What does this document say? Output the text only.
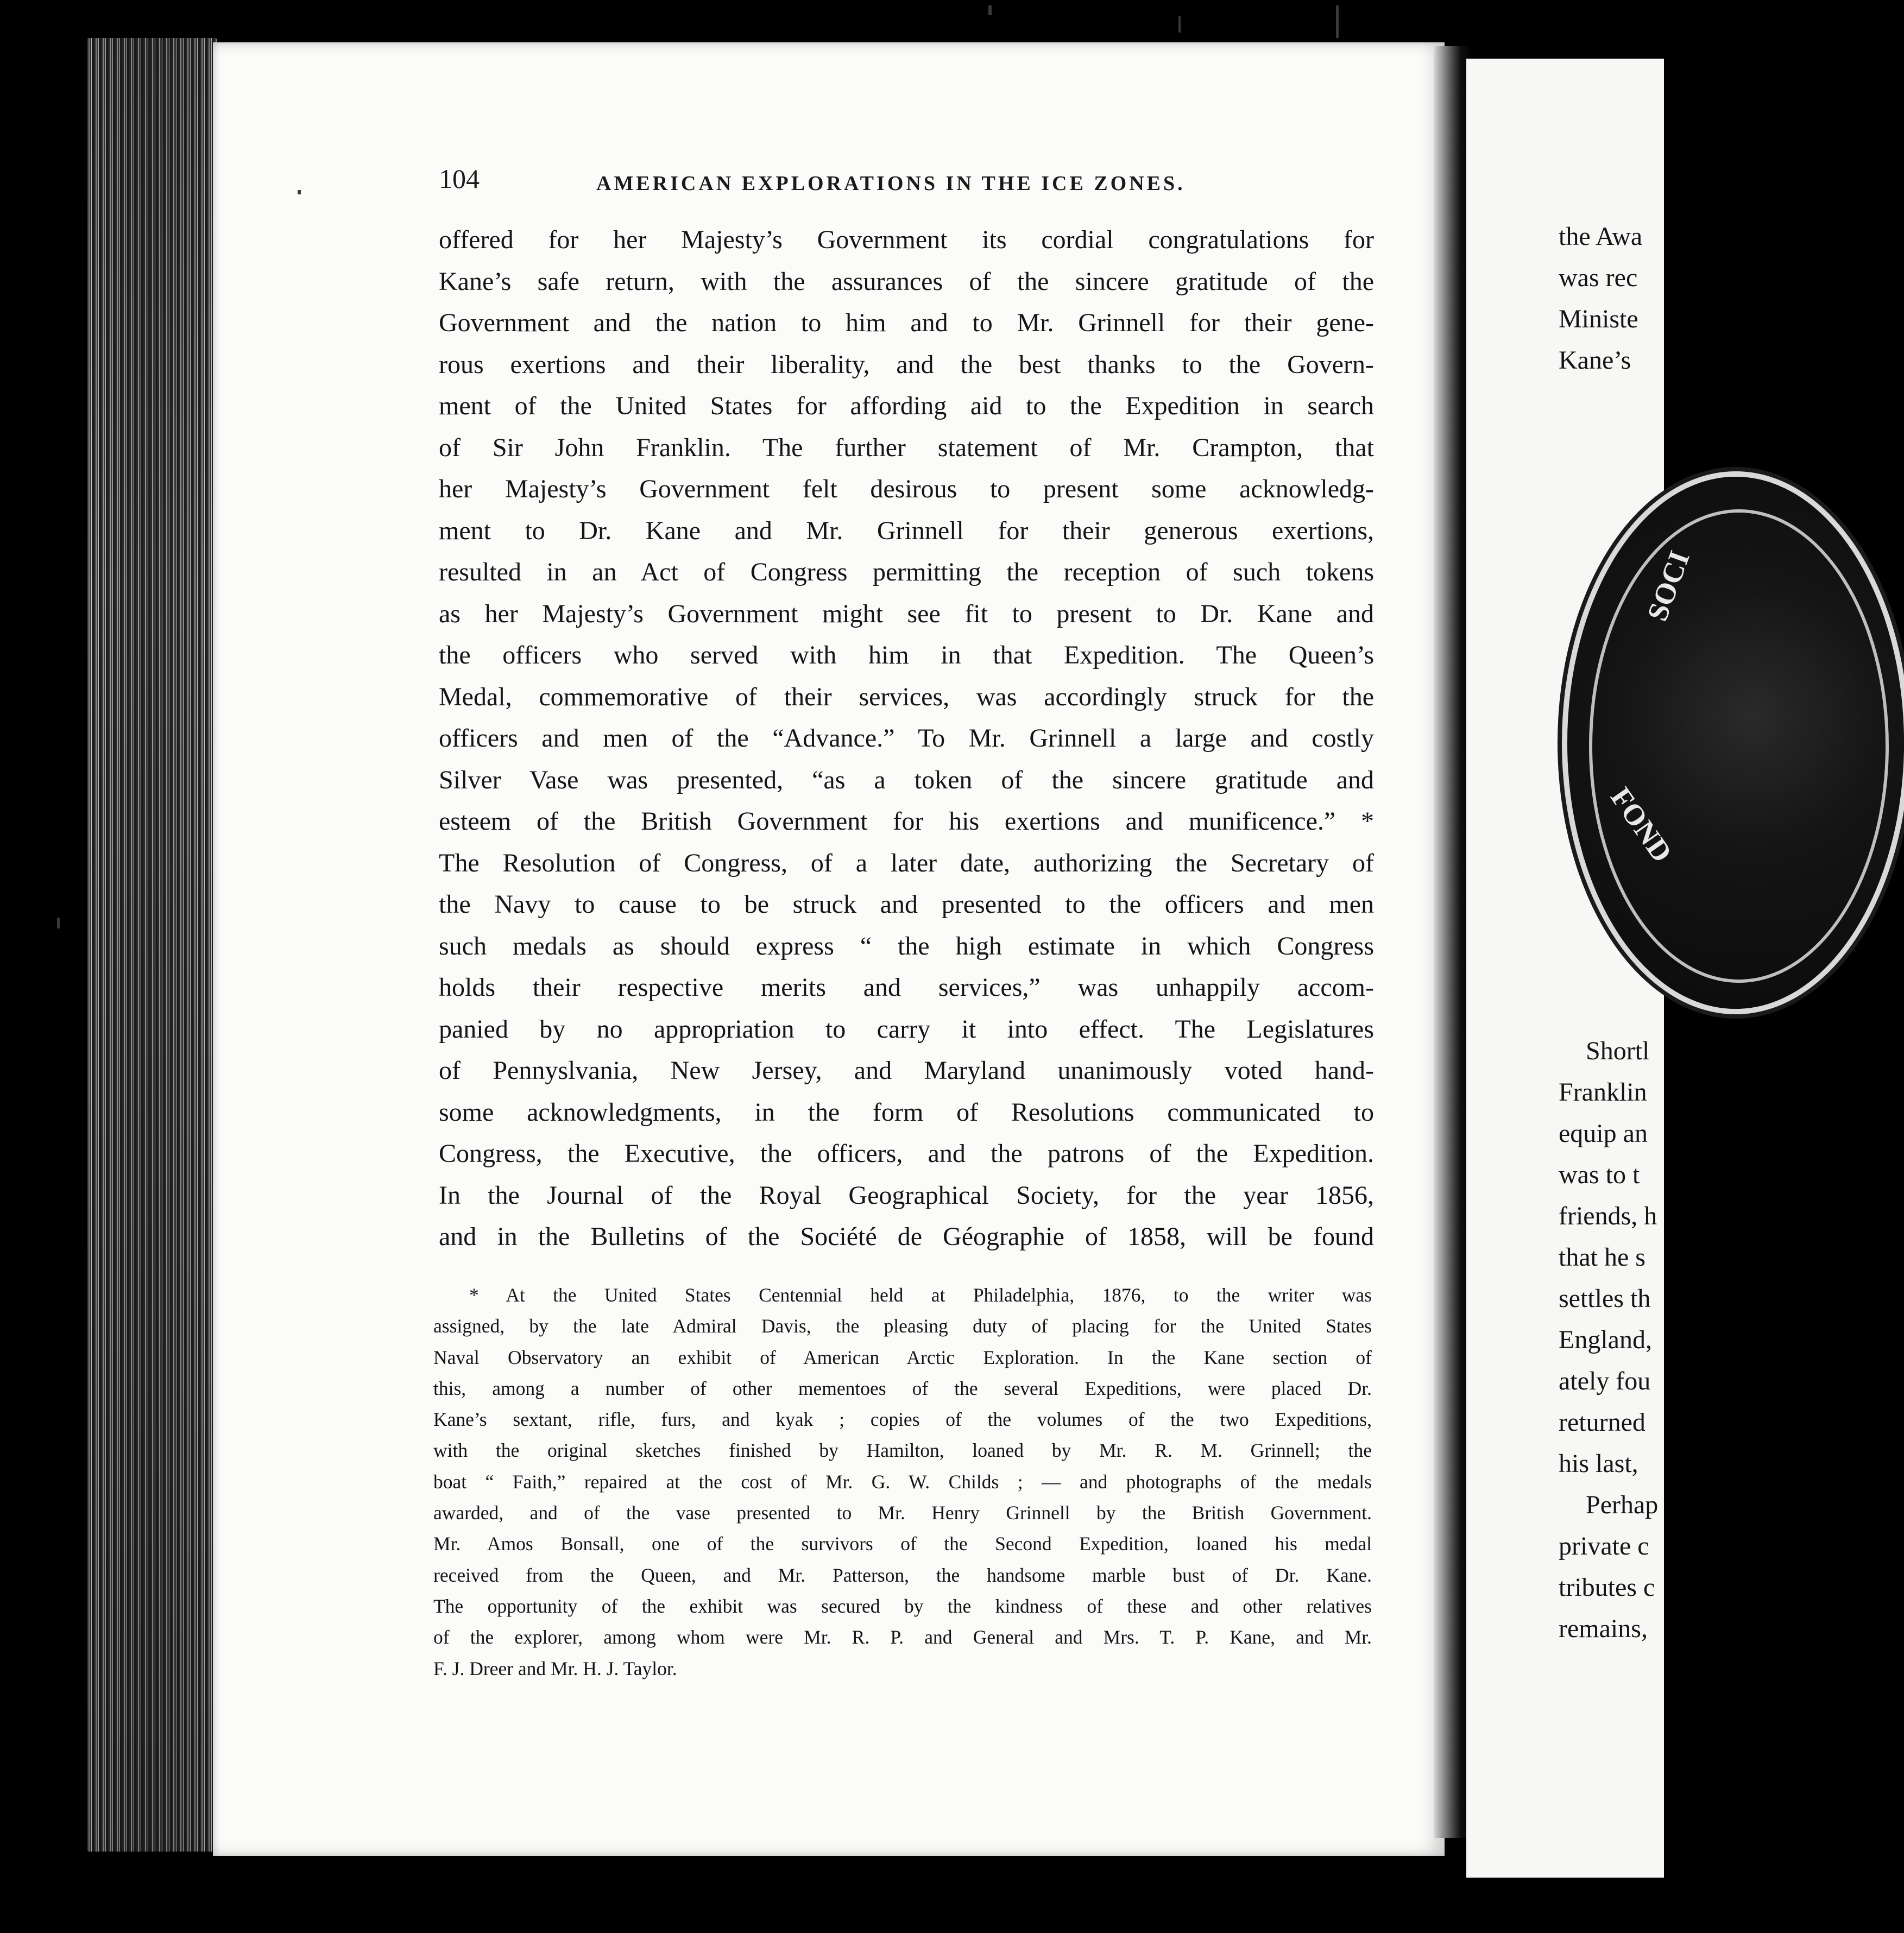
104	AMERICAN EXPLORATIONS IN THE ICE ZONES.
offered for her Majesty’s Government its cordial congratulations for
Kane’s safe return, with the assurances of the sincere gratitude of the
Government and the nation to him and to Mr. Grinnell for their gene-
rous exertions and their liberality, and the best thanks to the Govern-
ment of the United States for affording aid to the Expedition in search
of Sir John Franklin. The further statement of Mr. Crampton, that
her Majesty’s Government felt desirous to present some acknowledg-
ment to Dr. Kane and Mr. Grinnell for their generous exertions,
resulted in an Act of Congress permitting the reception of such tokens
as her Majesty’s Government might see fit to present to Dr. Kane and
the officers who served with him in that Expedition. The Queen’s
Medal, commemorative of their services, was accordingly struck for the
officers and men of the “Advance.” To Mr. Grinnell a large and costly
Silver Vase was presented, “as a token of the sincere gratitude and
esteem of the British Government for his exertions and munificence.” *
The Resolution of Congress, of a later date, authorizing the Secretary of
the Navy to cause to be struck and presented to the officers and men
such medals as should express “ the high estimate in which Congress
holds their respective merits and services,” was unhappily accom-
panied by no appropriation to carry it into effect. The Legislatures
of Pennyslvania, New Jersey, and Maryland unanimously voted hand-
some acknowledgments, in the form of Resolutions communicated to
Congress, the Executive, the officers, and the patrons of the Expedition.
In the Journal of the Royal Geographical Society, for the year 1856,
and in the Bulletins of the Société de Géographie of 1858, will be found
* At the United States Centennial held at Philadelphia, 1876, to the writer was
assigned, by the late Admiral Davis, the pleasing duty of placing for the United States
Naval Observatory an exhibit of American Arctic Exploration. In the Kane section of
this, among a number of other mementoes of the several Expeditions, were placed Dr.
Kane’s sextant, rifle, furs, and kyak ; copies of the volumes of the two Expeditions,
with the original sketches finished by Hamilton, loaned by Mr. R. M. Grinnell; the
boat “ Faith,” repaired at the cost of Mr. G. W. Childs ; — and photographs of the medals
awarded, and of the vase presented to Mr. Henry Grinnell by the British Government.
Mr. Amos Bonsall, one of the survivors of the Second Expedition, loaned his medal
received from the Queen, and Mr. Patterson, the handsome marble bust of Dr. Kane.
The opportunity of the exhibit was secured by the kindness of these and other relatives
of the explorer, among whom were Mr. R. P. and General and Mrs. T. P. Kane, and Mr.
F. J. Dreer and Mr. H. J. Taylor.
the Awa
was rec
Ministe
Kane’s
SOCI
FOND
Shortl
Franklin
equip an
was to t
friends, h
that he s
settles th
England,
ately fou
returned
his last,
Perhap
private c
tributes c
remains,
